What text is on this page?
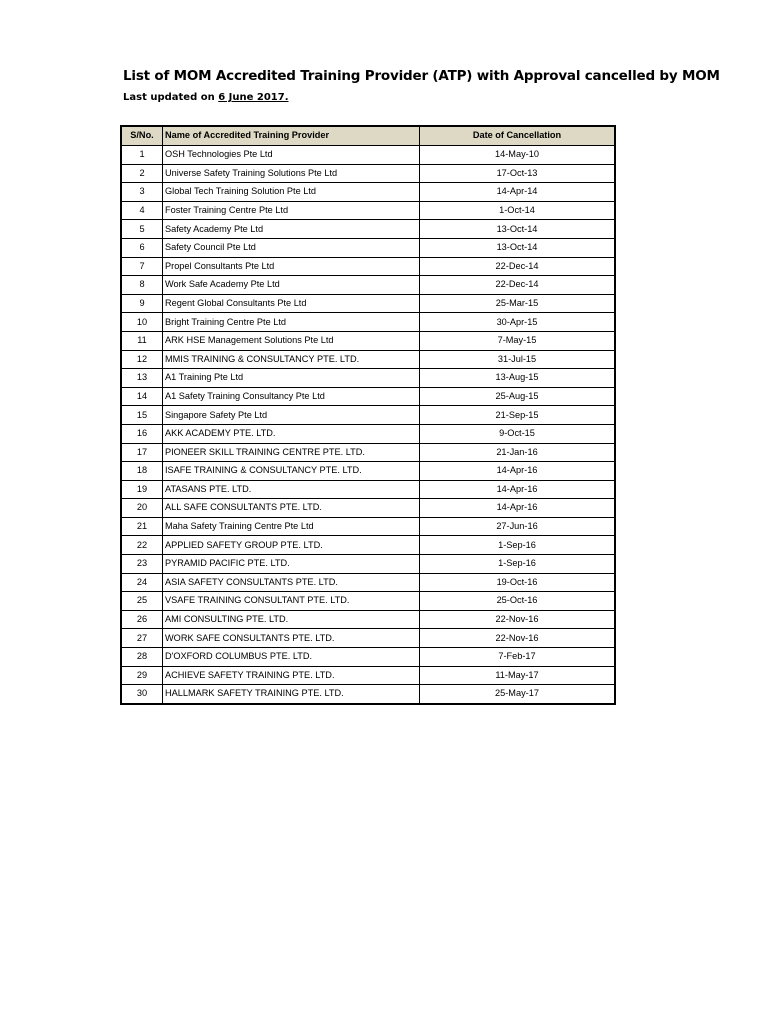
List of MOM Accredited Training Provider (ATP) with Approval cancelled by MOM
Last updated on 6 June 2017.
S/No.	Name of Accredited Training Provider	Date of Cancellation
1	OSH Technologies Pte Ltd	14-May-10
2	Universe Safety Training Solutions Pte Ltd	17-Oct-13
3	Global Tech Training Solution Pte Ltd	14-Apr-14
4	Foster Training Centre Pte Ltd	1-Oct-14
5	Safety Academy Pte Ltd	13-Oct-14
6	Safety Council Pte Ltd	13-Oct-14
7	Propel Consultants Pte Ltd	22-Dec-14
8	Work Safe Academy Pte Ltd	22-Dec-14
9	Regent Global Consultants Pte Ltd	25-Mar-15
10	Bright Training Centre Pte Ltd	30-Apr-15
11	ARK HSE Management Solutions Pte Ltd	7-May-15
12	MMIS TRAINING & CONSULTANCY PTE. LTD.	31-Jul-15
13	A1 Training Pte Ltd	13-Aug-15
14	A1 Safety Training Consultancy Pte Ltd	25-Aug-15
15	Singapore Safety Pte Ltd	21-Sep-15
16	AKK ACADEMY PTE. LTD.	9-Oct-15
17	PIONEER SKILL TRAINING CENTRE PTE. LTD.	21-Jan-16
18	ISAFE TRAINING & CONSULTANCY PTE. LTD.	14-Apr-16
19	ATASANS PTE. LTD.	14-Apr-16
20	ALL SAFE CONSULTANTS PTE. LTD.	14-Apr-16
21	Maha Safety Training Centre Pte Ltd	27-Jun-16
22	APPLIED SAFETY GROUP PTE. LTD.	1-Sep-16
23	PYRAMID PACIFIC PTE. LTD.	1-Sep-16
24	ASIA SAFETY CONSULTANTS PTE. LTD.	19-Oct-16
25	VSAFE TRAINING CONSULTANT PTE. LTD.	25-Oct-16
26	AMI CONSULTING PTE. LTD.	22-Nov-16
27	WORK SAFE CONSULTANTS PTE. LTD.	22-Nov-16
28	D'OXFORD COLUMBUS PTE. LTD.	7-Feb-17
29	ACHIEVE SAFETY TRAINING PTE. LTD.	11-May-17
30	HALLMARK SAFETY TRAINING PTE. LTD.	25-May-17
